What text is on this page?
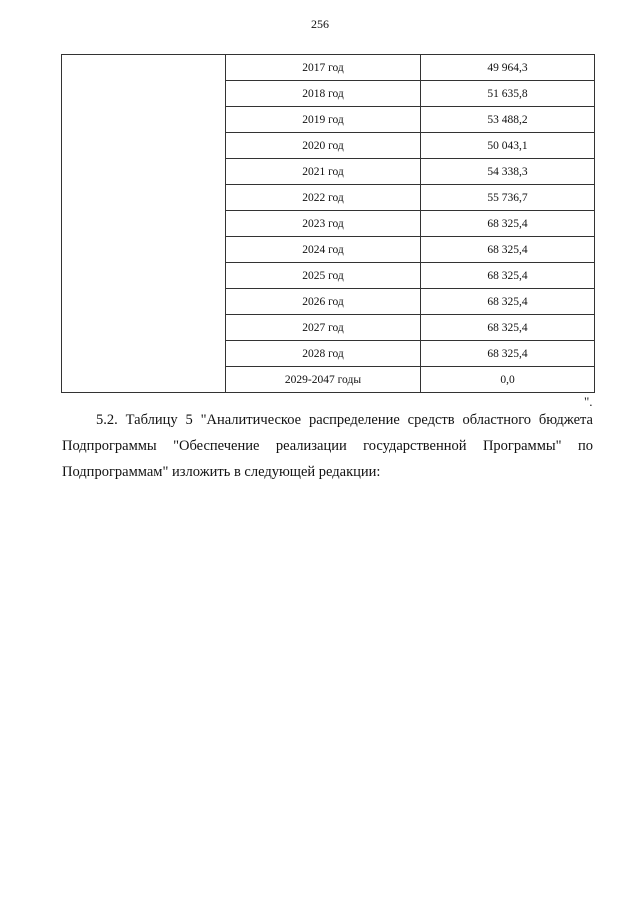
256
	2017 год	49 964,3
	2018 год	51 635,8
	2019 год	53 488,2
	2020 год	50 043,1
	2021 год	54 338,3
	2022 год	55 736,7
	2023 год	68 325,4
	2024 год	68 325,4
	2025 год	68 325,4
	2026 год	68 325,4
	2027 год	68 325,4
	2028 год	68 325,4
	2029-2047 годы	0,0
".
5.2. Таблицу 5 "Аналитическое распределение средств областного бюджета Подпрограммы "Обеспечение реализации государственной Программы" по Подпрограммам" изложить в следующей редакции:
